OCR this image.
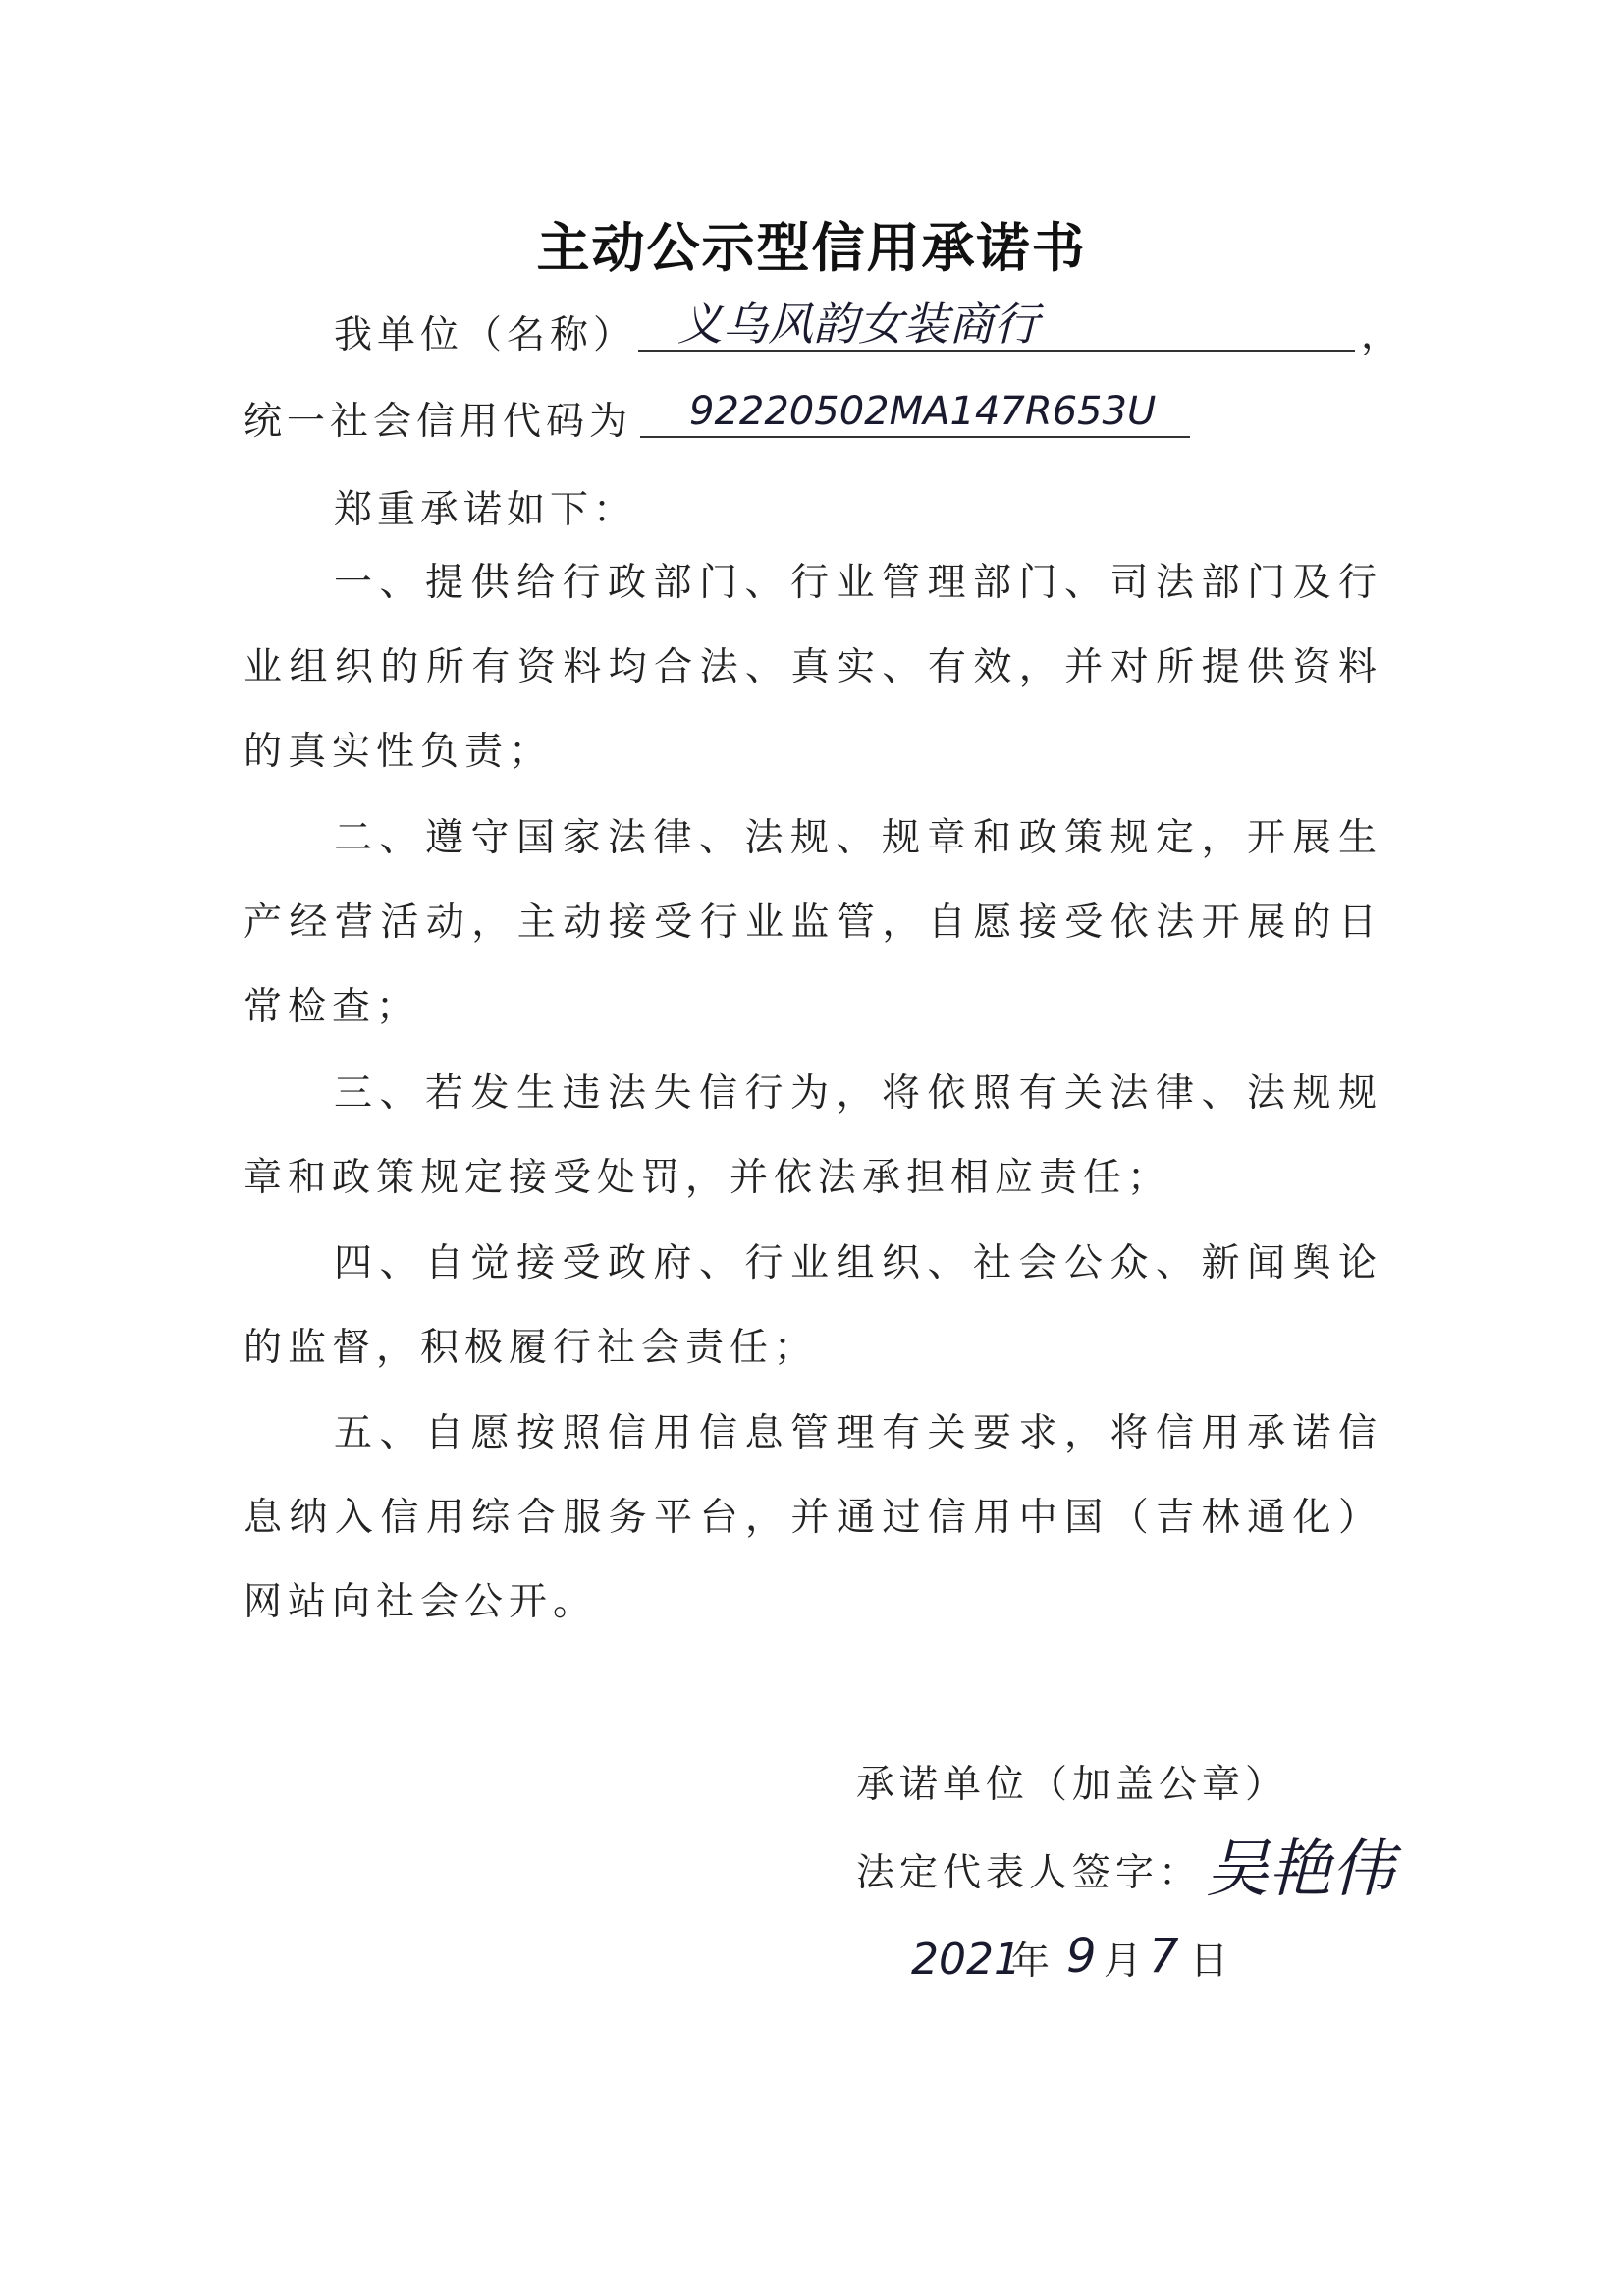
主动公示型信用承诺书
我单位（名称） 义乌风韵女装商行	，
统一社会信用代码为	92220502MA147R653U
郑重承诺如下：
一、提供给行政部门、行业管理部门、司法部门及行业组织的所有资料均合法、真实、有效，并对所提供资料的真实性负责；
二、遵守国家法律、法规、规章和政策规定，开展生产经营活动，主动接受行业监管，自愿接受依法开展的日常检查；
三、若发生违法失信行为，将依照有关法律、法规规章和政策规定接受处罚，并依法承担相应责任；
四、自觉接受政府、行业组织、社会公众、新闻舆论的监督，积极履行社会责任；
五、自愿按照信用信息管理有关要求，将信用承诺信息纳入信用综合服务平台，并通过信用中国（吉林通化）网站向社会公开。
承诺单位（加盖公章）
法定代表人签字： 吴艳伟
2021
年 9 月 7 日
